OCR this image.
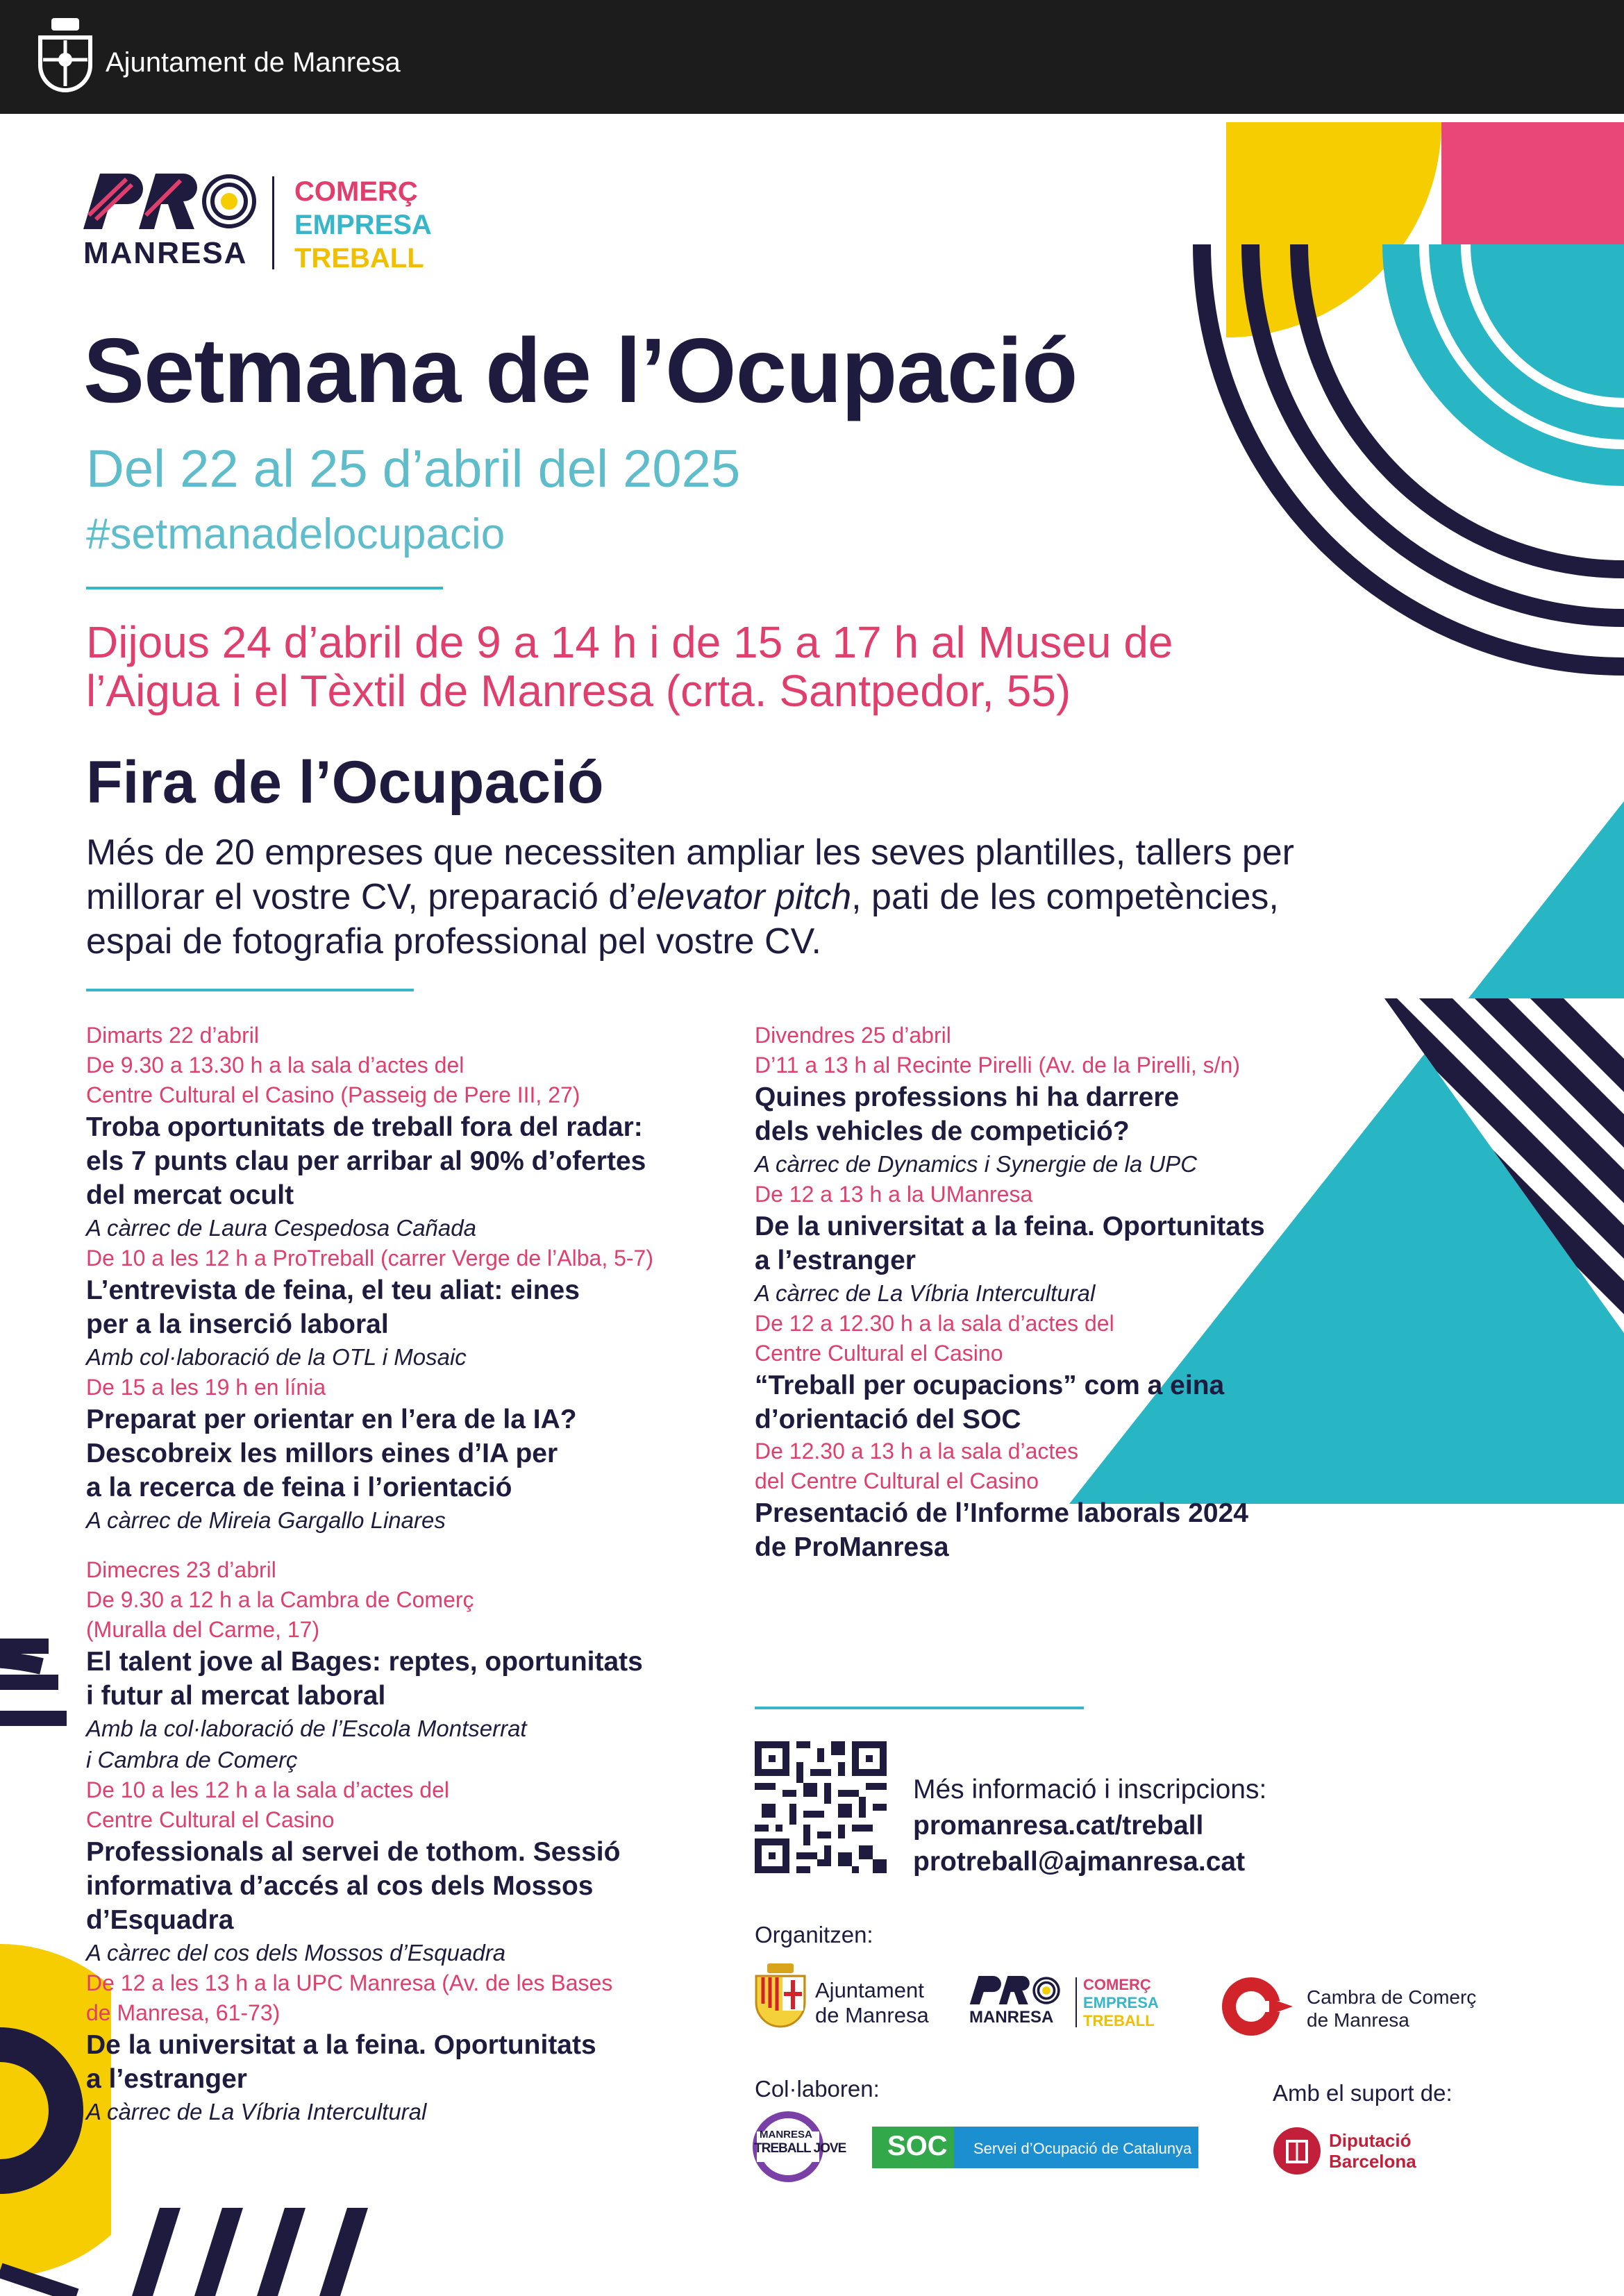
Ajuntament de Manresa
MANRESA
COMERÇ
EMPRESA
TREBALL
Setmana de l’Ocupació
Del 22 al 25 d’abril del 2025
#setmanadelocupacio
Dijous 24 d’abril de 9 a 14 h i de 15 a 17 h al Museu de l’Aigua i el Tèxtil de Manresa (crta. Santpedor, 55)
Fira de l’Ocupació
Més de 20 empreses que necessiten ampliar les seves plantilles, tallers per millorar el vostre CV, preparació d’elevator pitch, pati de les competències, espai de fotografia professional pel vostre CV.
Dimarts 22 d’abril
De 9.30 a 13.30 h a la sala d’actes del
Centre Cultural el Casino (Passeig de Pere III, 27)
Troba oportunitats de treball fora del radar:
els 7 punts clau per arribar al 90% d’ofertes
del mercat ocult
A càrrec de Laura Cespedosa Cañada
De 10 a les 12 h a ProTreball (carrer Verge de l’Alba, 5-7)
L’entrevista de feina, el teu aliat: eines
per a la inserció laboral
Amb col·laboració de la OTL i Mosaic
De 15 a les 19 h en línia
Preparat per orientar en l’era de la IA?
Descobreix les millors eines d’IA per
a la recerca de feina i l’orientació
A càrrec de Mireia Gargallo Linares
Dimecres 23 d’abril
De 9.30 a 12 h a la Cambra de Comerç
(Muralla del Carme, 17)
El talent jove al Bages: reptes, oportunitats
i futur al mercat laboral
Amb la col·laboració de l’Escola Montserrat
i Cambra de Comerç
De 10 a les 12 h a la sala d’actes del
Centre Cultural el Casino
Professionals al servei de tothom. Sessió
informativa d’accés al cos dels Mossos
d’Esquadra
A càrrec del cos dels Mossos d’Esquadra
De 12 a les 13 h a la UPC Manresa (Av. de les Bases
de Manresa, 61-73)
De la universitat a la feina. Oportunitats
a l’estranger
A càrrec de La Víbria Intercultural
Divendres 25 d’abril
D’11 a 13 h al Recinte Pirelli (Av. de la Pirelli, s/n)
Quines professions hi ha darrere
dels vehicles de competició?
A càrrec de Dynamics i Synergie de la UPC
De 12 a 13 h a la UManresa
De la universitat a la feina. Oportunitats
a l’estranger
A càrrec de La Víbria Intercultural
De 12 a 12.30 h a la sala d’actes del
Centre Cultural el Casino
“Treball per ocupacions” com a eina
d’orientació del SOC
De 12.30 a 13 h a la sala d’actes
del Centre Cultural el Casino
Presentació de l’Informe laborals 2024
de ProManresa
Més informació i inscripcions:
promanresa.cat/treball
protreball@ajmanresa.cat
Organitzen:
Ajuntament
de Manresa MANRESA
COMERÇ
EMPRESA
TREBALL
Cambra de Comerç
de Manresa
Col·laboren:
MANRESA
TREBALL JOVE SOC Servei d’Ocupació de Catalunya
Amb el suport de:
Diputació
Barcelona
